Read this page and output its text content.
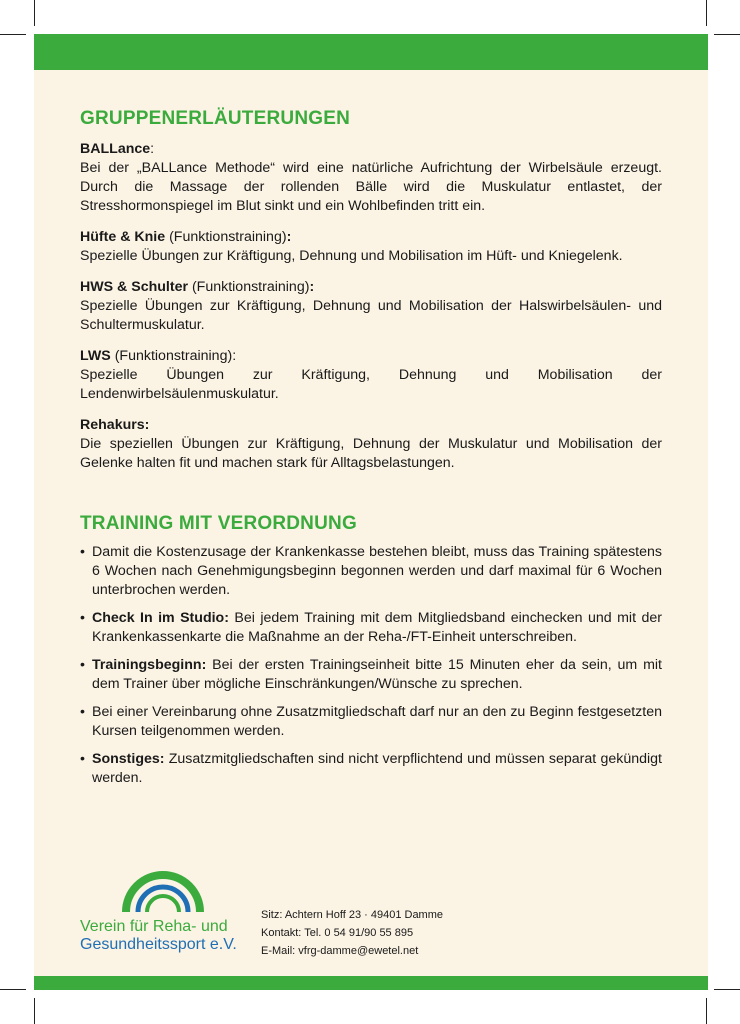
GRUPPENERLÄUTERUNGEN
BALLance:

Bei der „BALLance Methode“ wird eine natürliche Aufrichtung der Wirbelsäule erzeugt. Durch die Massage der rollenden Bälle wird die Muskulatur entlastet, der Stresshormonspiegel im Blut sinkt und ein Wohlbefinden tritt ein.

Hüfte & Knie (Funktionstraining):

Spezielle Übungen zur Kräftigung, Dehnung und Mobilisation im Hüft- und Kniegelenk.

HWS & Schulter (Funktionstraining):

Spezielle Übungen zur Kräftigung, Dehnung und Mobilisation der Halswirbelsäulen- und Schultermuskulatur.

LWS (Funktionstraining):

Spezielle Übungen zur Kräftigung, Dehnung und Mobilisation der Lendenwirbelsäulenmuskulatur.

Rehakurs:

Die speziellen Übungen zur Kräftigung, Dehnung der Muskulatur und Mobilisation der Gelenke halten fit und machen stark für Alltagsbelastungen.

TRAINING MIT VERORDNUNG
• Damit die Kostenzusage der Krankenkasse bestehen bleibt, muss das Training spätestens 6 Wochen nach Genehmigungsbeginn begonnen werden und darf maximal für 6 Wochen unterbrochen werden.
• Check In im Studio: Bei jedem Training mit dem Mitgliedsband einchecken und mit der Krankenkassenkarte die Maßnahme an der Reha-/FT-Einheit unterschreiben.
• Trainingsbeginn: Bei der ersten Trainingseinheit bitte 15 Minuten eher da sein, um mit dem Trainer über mögliche Einschränkungen/Wünsche zu sprechen.
• Bei einer Vereinbarung ohne Zusatzmitgliedschaft darf nur an den zu Beginn festgesetzten Kursen teilgenommen werden.
• Sonstiges: Zusatzmitgliedschaften sind nicht verpflichtend und müssen separat gekündigt werden.
Verein für Reha- und
Gesundheitssport e.V.
Sitz: Achtern Hoff 23 · 49401 Damme
Kontakt: Tel. 0 54 91/90 55 895
E-Mail: vfrg-damme@ewetel.net
